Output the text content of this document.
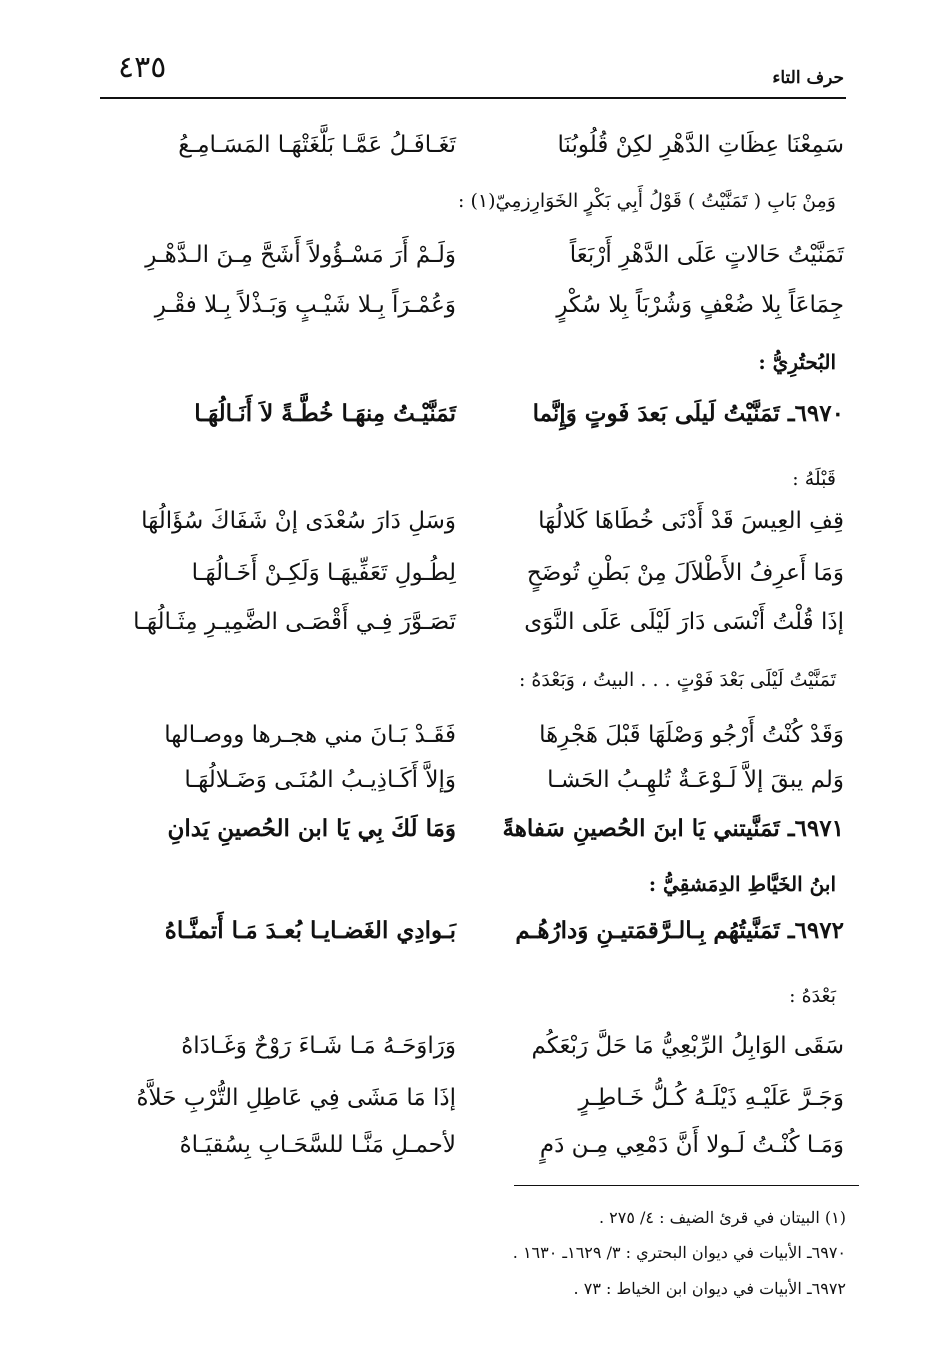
٤٣٥	حرف التاء
سَمِعْنَا عِظَاتِ الدَّهْرِ لكِنْ قُلُوبُنَا
تَغَـافَـلُ عَمَّـا بَلَّغَتْهَـا المَسَـامِـعُ
وَمِنْ بَابِ ( تَمَنَّيْتُ ) قَوْلُ أَبِي بَكْرٍ الخَوَارِزمِيّ(١) :
تَمَنَّيْتُ حَالاتٍ عَلَى الدَّهْرِ أَرْبَعَاً
وَلَـمْ أَرَ مَسْـؤُولاً أَشَحَّ مِـنَ الـدَّهْـرِ
جِمَاعَاً بِلا ضُعْفٍ وَشُرْبَاً بِلا سُكْرٍ
وَعُمْـرَاً بِـلا شَيْـبٍ وَبَـذْلاً بِـلا فقْـرِ
البُحتُرِيُّ :
٦٩٧٠ـ تَمَنَّيْتُ لَيلَى بَعدَ فَوتٍ وَإِنَّما
تَمَنَّيْـتُ مِنهَـا خُطَّـةً لاَ أَنَـالُهَـا
قَبْلَهُ :
قِفِ العِيسَ قَدْ أَدْنَى خُطَاهَا كَلالُهَا
وَسَلِ دَارَ سُعْدَى إنْ شَفَاكَ سُؤَالُهَا
وَمَا أَعرِفُ الأَطْلاَلَ مِنْ بَطْنِ تُوضَحٍ
لِطُـولِ تَعَفِّيهَـا وَلَكِـنْ أَخَـالُهَـا
إذَا قُلْتُ أَنْسَى دَارَ لَيْلَى عَلَى النَّوَى
تَصَـوَّرَ فِـي أَقْصَـى الضَّمِيـرِ مِثَـالُهَـا
تَمَنَّيْتُ لَيْلَى بَعْدَ فَوْتٍ . . . البيتُ ، وَبَعْدَهُ :
وَقَدْ كُنْتُ أَرْجُو وَصْلَهَا قَبْلَ هَجْرِهَا
فَقَـدْ بَـانَ مني هجـرها ووصـالها
وَلم يبقَ إلاَّ لَـوْعَـةٌ تُلهِـبُ الحَشـا
وَإلاَّ أَكَـاذِيـبُ المُنَـى وَضَـلالُهَـا
٦٩٧١ـ تَمَنَّيتني يَا ابنَ الحُصينِ سَفاهةً
وَمَا لَكَ بِي يَا ابن الحُصينِ يَدانِ
ابنُ الخَيَّاطِ الدِمَشقِيُّ :
٦٩٧٢ـ تَمَنَّيتُهُم بِـالـرَّقمَتيـنِ وَدارُهُـم
بَـوادِي الغَضـايـا بُعـدَ مَـا أَتمنَّـاهُ
بَعْدَهُ :
سَقَى الوَابِلُ الرِّبْعِيُّ مَا حَلَّ رَبْعَكُم
وَرَاوَحَـهُ مَـا شَـاءَ رَوْحٌ وَغَـادَاهُ
وَجَـرَّ عَلَيْـهِ ذَيْلَـهُ كُـلُّ خَـاطِـرٍ
إذَا مَا مَشَى فِي عَاطِلِ التُّرْبِ حَلاَّهُ
وَمَـا كُنْـتُ لَـولا أَنَّ دَمْعِي مِـن دَمٍ
لأحمـلِ مَنَّـا للسَّحَـابِ بِسُقيَـاهُ
(١) البيتان في قرئ الضيف : ٤/ ٢٧٥ .
٦٩٧٠ـ الأبيات في ديوان البحتري : ٣/ ١٦٢٩ـ ١٦٣٠ .
٦٩٧٢ـ الأبيات في ديوان ابن الخياط : ٧٣ .
